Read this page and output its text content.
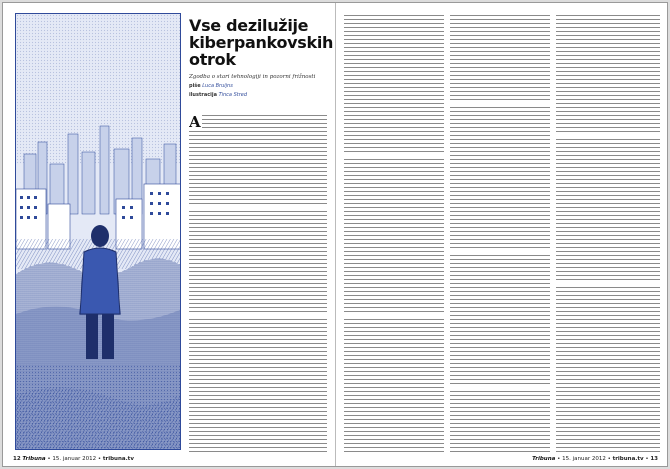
Vse dezilužije kiberpankovskih otrok
Zgodba o stari tehnologiji in pozorni frižnosti
piše Luca Bruijns
ilustracija Tinca Stred
A
12 Tribuna • 15. januar 2012 • tribuna.tv	Tribuna • 15. januar 2012 • tribuna.tv • 13
